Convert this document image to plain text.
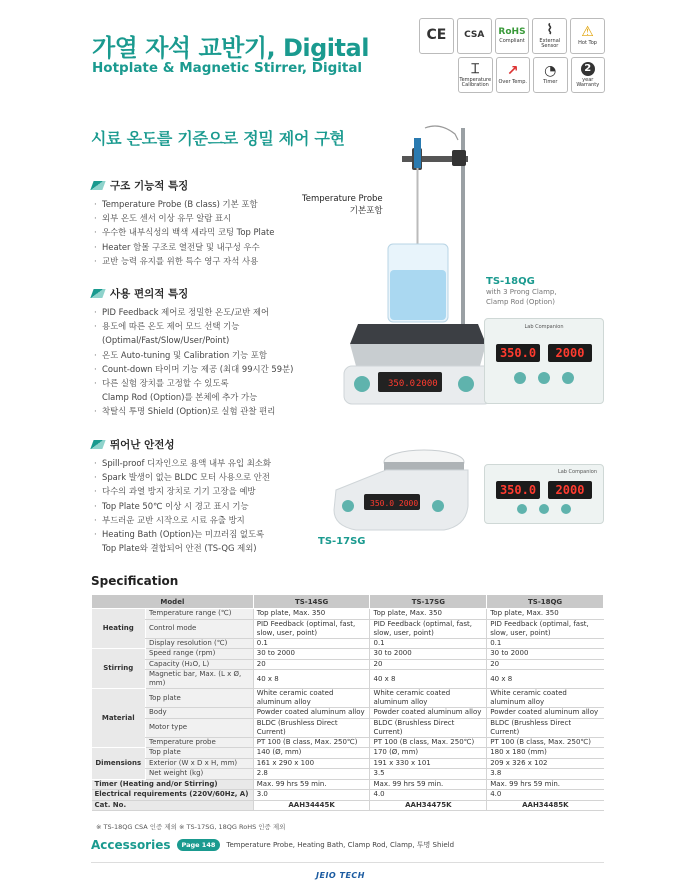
가열 자석 교반기, Digital
Hotplate & Magnetic Stirrer, Digital
CE CSA RoHS
Compliant
⌇
External Sensor
⚠
Hot Top
⌶
Temperature Calibration
↗
Over Temp.
◔
Timer
2
year Warranty
시료 온도를 기준으로 정밀 제어 구현
구조 기능적 특징
· Temperature Probe (B class) 기본 포함
· 외부 온도 센서 이상 유무 알람 표시
· 우수한 내부식성의 백색 세라믹 코팅 Top Plate
· Heater 함몰 구조로 열전달 및 내구성 우수
· 교반 능력 유지를 위한 특수 영구 자석 사용
사용 편의적 특징
· PID Feedback 제어로 정밀한 온도/교반 제어
· 용도에 따른 온도 제어 모드 선택 기능
(Optimal/Fast/Slow/User/Point)
· 온도 Auto-tuning 및 Calibration 기능 포함
· Count-down 타이머 기능 제공 (최대 99시간 59분)
· 다른 실험 장치를 고정할 수 있도록
Clamp Rod (Option)를 본체에 추가 가능
· 착탈식 투명 Shield (Option)로 실험 관찰 편리
뛰어난 안전성
· Spill-proof 디자인으로 용액 내부 유입 최소화
· Spark 발생이 없는 BLDC 모터 사용으로 안전
· 다수의 과열 방지 장치로 기기 고장을 예방
· Top Plate 50℃ 이상 시 경고 표시 기능
· 부드러운 교반 시작으로 시료 유출 방지
· Heating Bath (Option)는 미끄러짐 없도록
Top Plate와 결합되어 안전 (TS-QG 제외)
350.0 2000
Temperature Probe
기본포함
TS-18QG
with 3 Prong Clamp,
Clamp Rod (Option)
Lab Companion
350.0	2000
350.0 2000
TS-17SG
Lab Companion
350.0	2000
Specification
Model		TS-14SG	TS-17SG	TS-18QG
Heating	Temperature range (℃)	Top plate, Max. 350	Top plate, Max. 350	Top plate, Max. 350
	Control mode	PID Feedback (optimal, fast, slow, user, point)	PID Feedback (optimal, fast, slow, user, point)	PID Feedback (optimal, fast, slow, user, point)
	Display resolution (℃)	0.1	0.1	0.1
Stirring	Speed range (rpm)	30 to 2000	30 to 2000	30 to 2000
	Capacity (H₂O, L)	20	20	20
	Magnetic bar, Max. (L x Ø, mm)	40 x 8	40 x 8	40 x 8
Material	Top plate	White ceramic coated aluminum alloy	White ceramic coated aluminum alloy	White ceramic coated aluminum alloy
	Body	Powder coated aluminum alloy	Powder coated aluminum alloy	Powder coated aluminum alloy
	Motor type	BLDC (Brushless Direct Current)	BLDC (Brushless Direct Current)	BLDC (Brushless Direct Current)
	Temperature probe	PT 100 (B class, Max. 250℃)	PT 100 (B class, Max. 250℃)	PT 100 (B class, Max. 250℃)
Dimensions	Top plate	140 (Ø, mm)	170 (Ø, mm)	180 x 180 (mm)
	Exterior (W x D x H, mm)	161 x 290 x 100	191 x 330 x 101	209 x 326 x 102
	Net weight (kg)	2.8	3.5	3.8
Timer (Heating and/or Stirring)		Max. 99 hrs 59 min.	Max. 99 hrs 59 min.	Max. 99 hrs 59 min.
Electrical requirements (220V/60Hz, A)		3.0	4.0	4.0
Cat. No.		AAH34445K	AAH34475K	AAH34485K
※ TS-18QG CSA 인증 제외 ※ TS-17SG, 18QG RoHS 인증 제외
Accessories	Page 148	Temperature Probe, Heating Bath, Clamp Rod, Clamp, 투명 Shield
JEIO TECH
